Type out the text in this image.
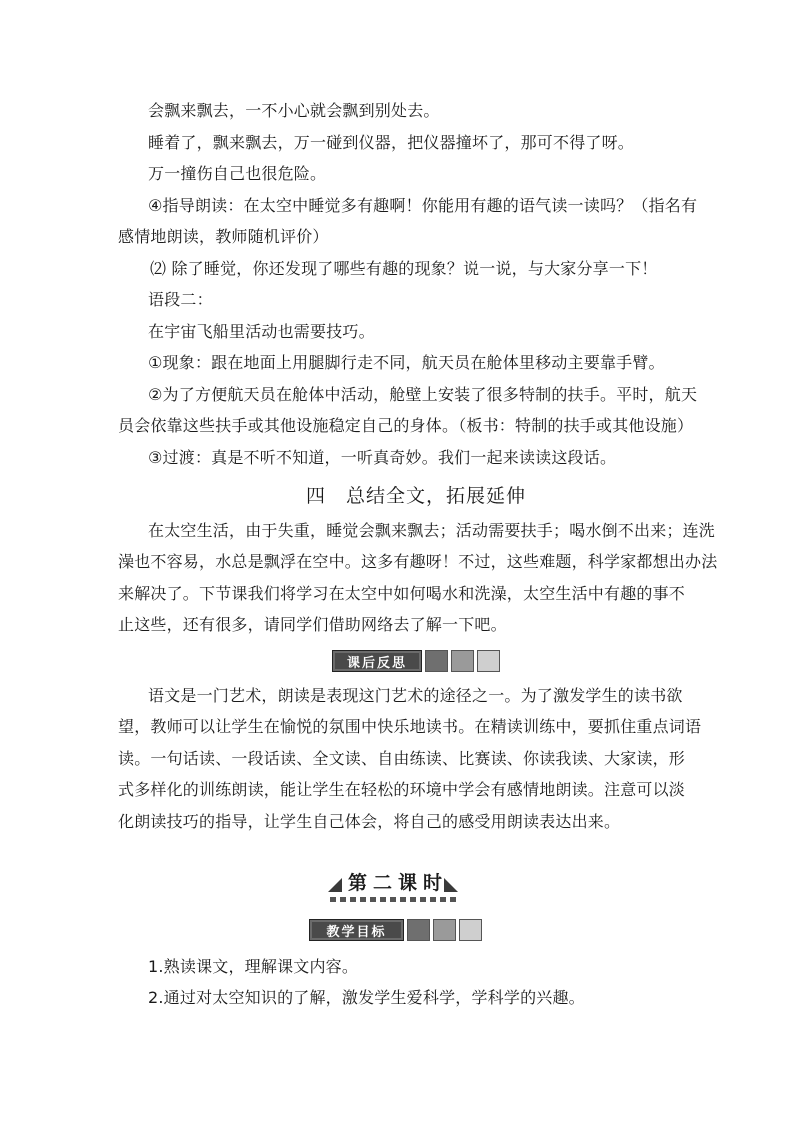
会飘来飘去，一不小心就会飘到别处去。
睡着了，飘来飘去，万一碰到仪器，把仪器撞坏了，那可不得了呀。
万一撞伤自己也很危险。
④指导朗读：在太空中睡觉多有趣啊！你能用有趣的语气读一读吗？（指名有
感情地朗读，教师随机评价）
⑵ 除了睡觉，你还发现了哪些有趣的现象？说一说，与大家分享一下！
语段二：
在宇宙飞船里活动也需要技巧。
①现象：跟在地面上用腿脚行走不同，航天员在舱体里移动主要靠手臂。
②为了方便航天员在舱体中活动，舱壁上安装了很多特制的扶手。平时，航天
员会依靠这些扶手或其他设施稳定自己的身体。（板书：特制的扶手或其他设施）
③过渡：真是不听不知道，一听真奇妙。我们一起来读读这段话。
四　总结全文，拓展延伸
在太空生活，由于失重，睡觉会飘来飘去；活动需要扶手；喝水倒不出来；连洗
澡也不容易，水总是飘浮在空中。这多有趣呀！不过，这些难题，科学家都想出办法
来解决了。下节课我们将学习在太空中如何喝水和洗澡，太空生活中有趣的事不
止这些，还有很多，请同学们借助网络去了解一下吧。
课后反思
语文是一门艺术，朗读是表现这门艺术的途径之一。为了激发学生的读书欲
望，教师可以让学生在愉悦的氛围中快乐地读书。在精读训练中，要抓住重点词语
读。一句话读、一段话读、全文读、自由练读、比赛读、你读我读、大家读，形
式多样化的训练朗读，能让学生在轻松的环境中学会有感情地朗读。注意可以淡
化朗读技巧的指导，让学生自己体会，将自己的感受用朗读表达出来。
第二课时
教学目标
1.熟读课文，理解课文内容。
2.通过对太空知识的了解，激发学生爱科学，学科学的兴趣。
